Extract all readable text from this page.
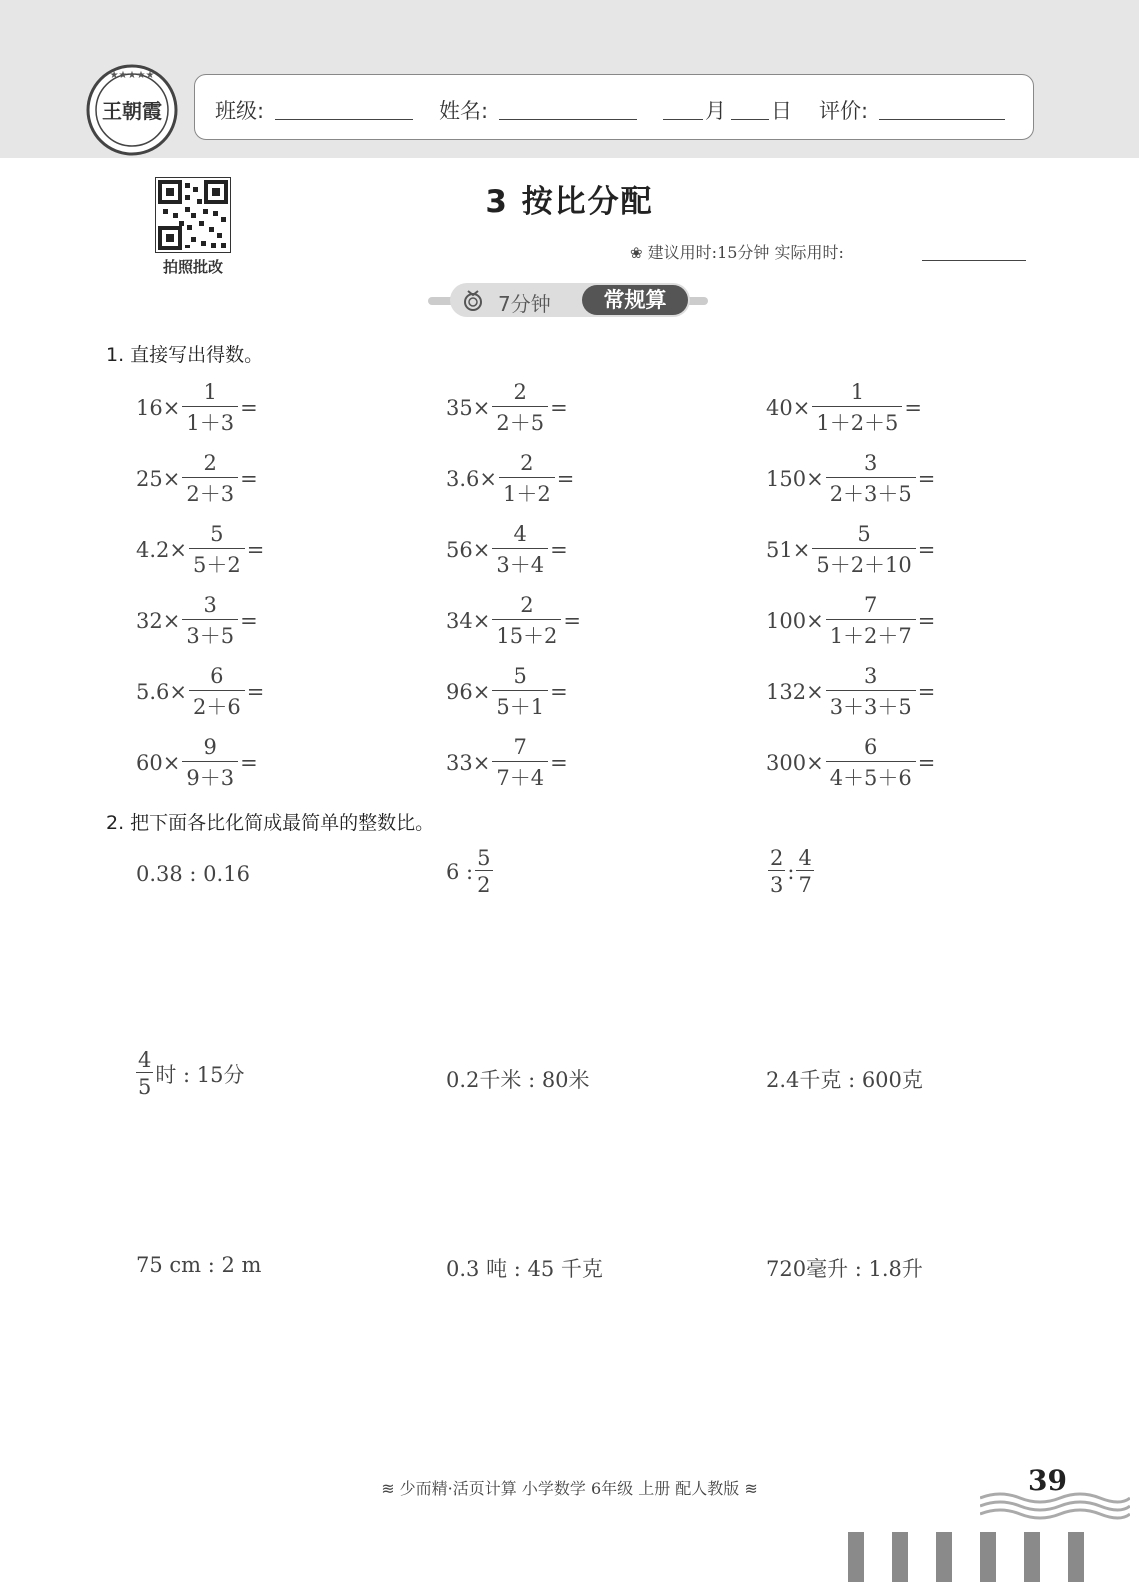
王朝霞
★★★★★
班级:	姓名:	月 日 评价:
拍照批改
3 按比分配
❀ 建议用时:15分钟 实际用时:
7分钟	常规算
1. 直接写出得数。
$16\times \frac{1}{1+3}$ =	$35\times \frac{2}{2+5}$ =	$40\times \frac{1}{1+2+5}$ =
$25\times \frac{2}{2+3}$ =	$3.6\times \frac{2}{1+2}$ =	$150\times \frac{3}{2+3+5}$ =
$4.2\times \frac{5}{5+2}$ =	$56\times \frac{4}{3+4}$ =	$51\times \frac{5}{5+2+10}$ =
$32\times \frac{3}{3+5}$ =	$34\times \frac{2}{15+2}$ =	$100\times \frac{7}{1+2+7}$ =
$5.6\times \frac{6}{2+6}$ =	$96\times \frac{5}{5+1}$ =	$132\times \frac{3}{3+3+5}$ =
$60\times \frac{9}{9+3}$ =	$33\times \frac{7}{7+4}$ =	$300\times \frac{6}{4+5+6}$ =
2. 把下面各比化简成最简单的整数比。
0.38 : 0.16	6 : $\frac{5}{2}$	$\frac{2}{3}$ : $\frac{4}{7}$
$\frac{4}{5}$ 时 : 15分	0.2千米 : 80米	2.4千克 : 600克
75 cm : 2 m	0.3 吨 : 45 千克	720毫升 : 1.8升
≋ 少而精·活页计算 小学数学 6年级 上册 配人教版 ≋	39
